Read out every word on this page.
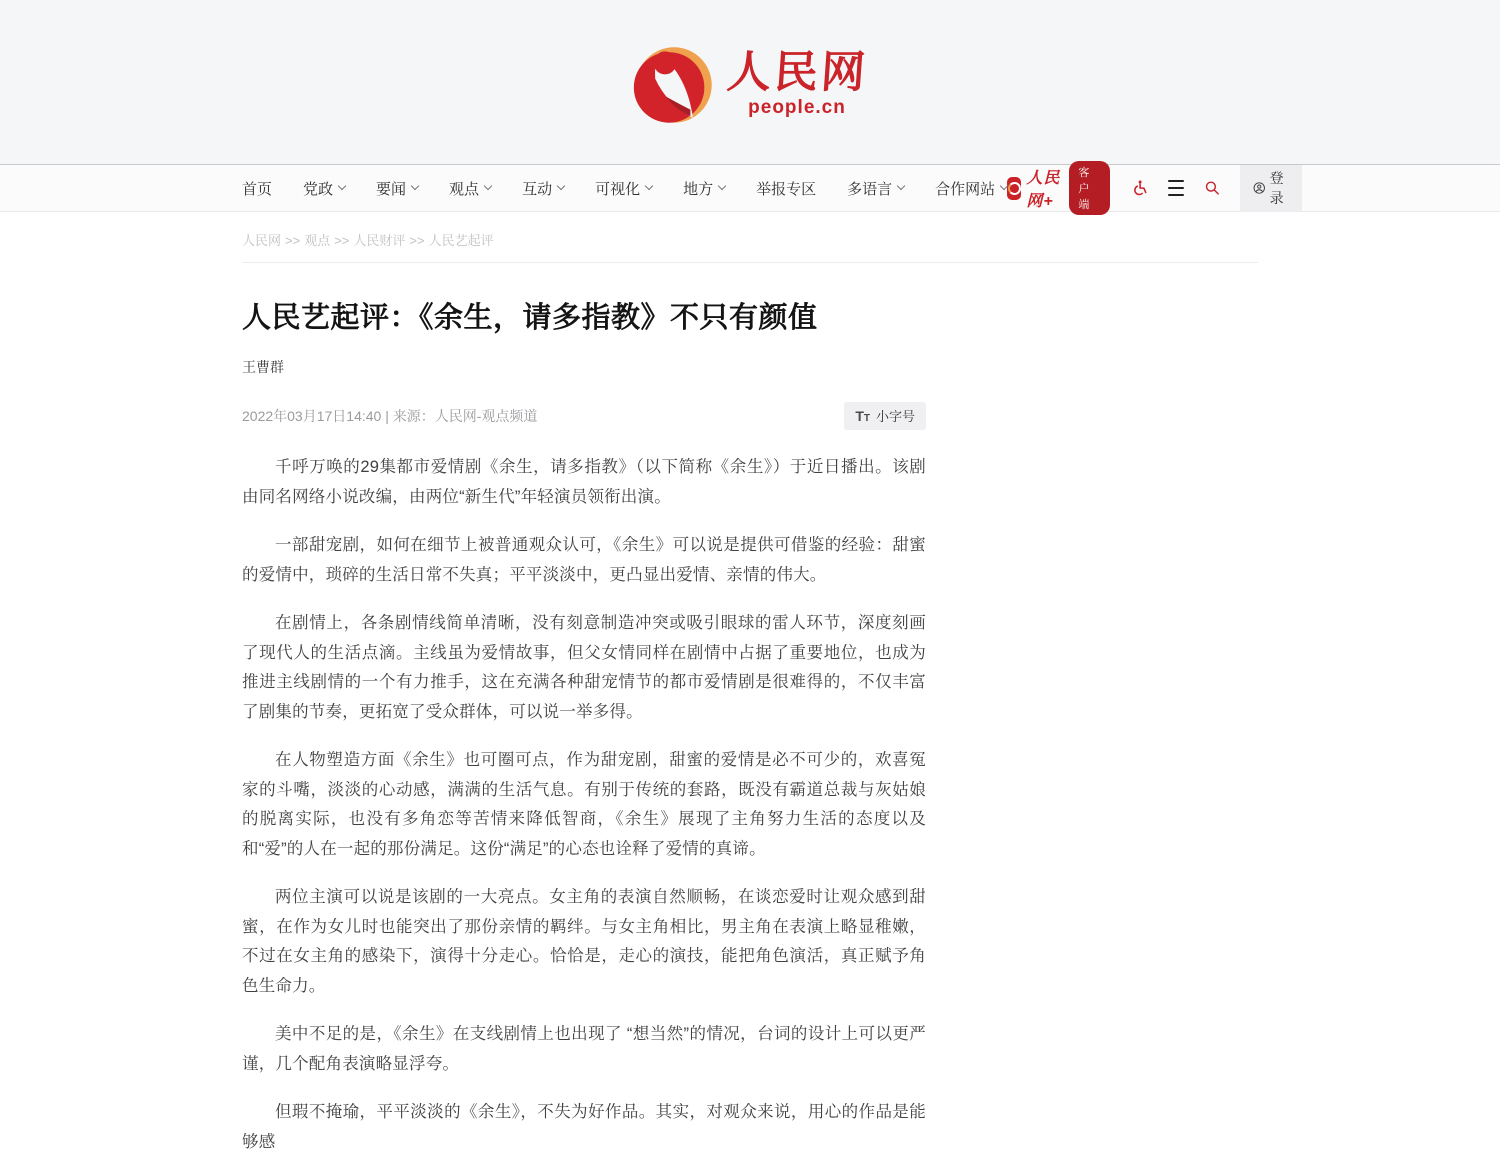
人民网
people.cn
首页 党政	要闻	观点	互动	可视化	地方	举报专区 多语言	合作网站
人民网+
客户端
登录
人民网 >> 观点 >> 人民财评 >> 人民艺起评
人民艺起评：《余生，请多指教》不只有颜值
王曹群
2022年03月17日14:40 | 来源：人民网-观点频道	TT 小字号

千呼万唤的29集都市爱情剧《余生，请多指教》（以下简称《余生》）于近日播出。该剧由同名网络小说改编，由两位“新生代”年轻演员领衔出演。

一部甜宠剧，如何在细节上被普通观众认可，《余生》可以说是提供可借鉴的经验：甜蜜的爱情中，琐碎的生活日常不失真；平平淡淡中，更凸显出爱情、亲情的伟大。

在剧情上，各条剧情线简单清晰，没有刻意制造冲突或吸引眼球的雷人环节，深度刻画了现代人的生活点滴。主线虽为爱情故事，但父女情同样在剧情中占据了重要地位，也成为推进主线剧情的一个有力推手，这在充满各种甜宠情节的都市爱情剧是很难得的，不仅丰富了剧集的节奏，更拓宽了受众群体，可以说一举多得。

在人物塑造方面《余生》也可圈可点，作为甜宠剧，甜蜜的爱情是必不可少的，欢喜冤家的斗嘴，淡淡的心动感，满满的生活气息。有别于传统的套路，既没有霸道总裁与灰姑娘的脱离实际，也没有多角恋等苦情来降低智商，《余生》展现了主角努力生活的态度以及和“爱”的人在一起的那份满足。这份“满足”的心态也诠释了爱情的真谛。

两位主演可以说是该剧的一大亮点。女主角的表演自然顺畅，在谈恋爱时让观众感到甜蜜，在作为女儿时也能突出了那份亲情的羁绊。与女主角相比，男主角在表演上略显稚嫩，不过在女主角的感染下，演得十分走心。恰恰是，走心的演技，能把角色演活，真正赋予角色生命力。

美中不足的是，《余生》在支线剧情上也出现了 “想当然”的情况，台词的设计上可以更严谨，几个配角表演略显浮夸。

但瑕不掩瑜，平平淡淡的《余生》，不失为好作品。其实，对观众来说，用心的作品是能够感
